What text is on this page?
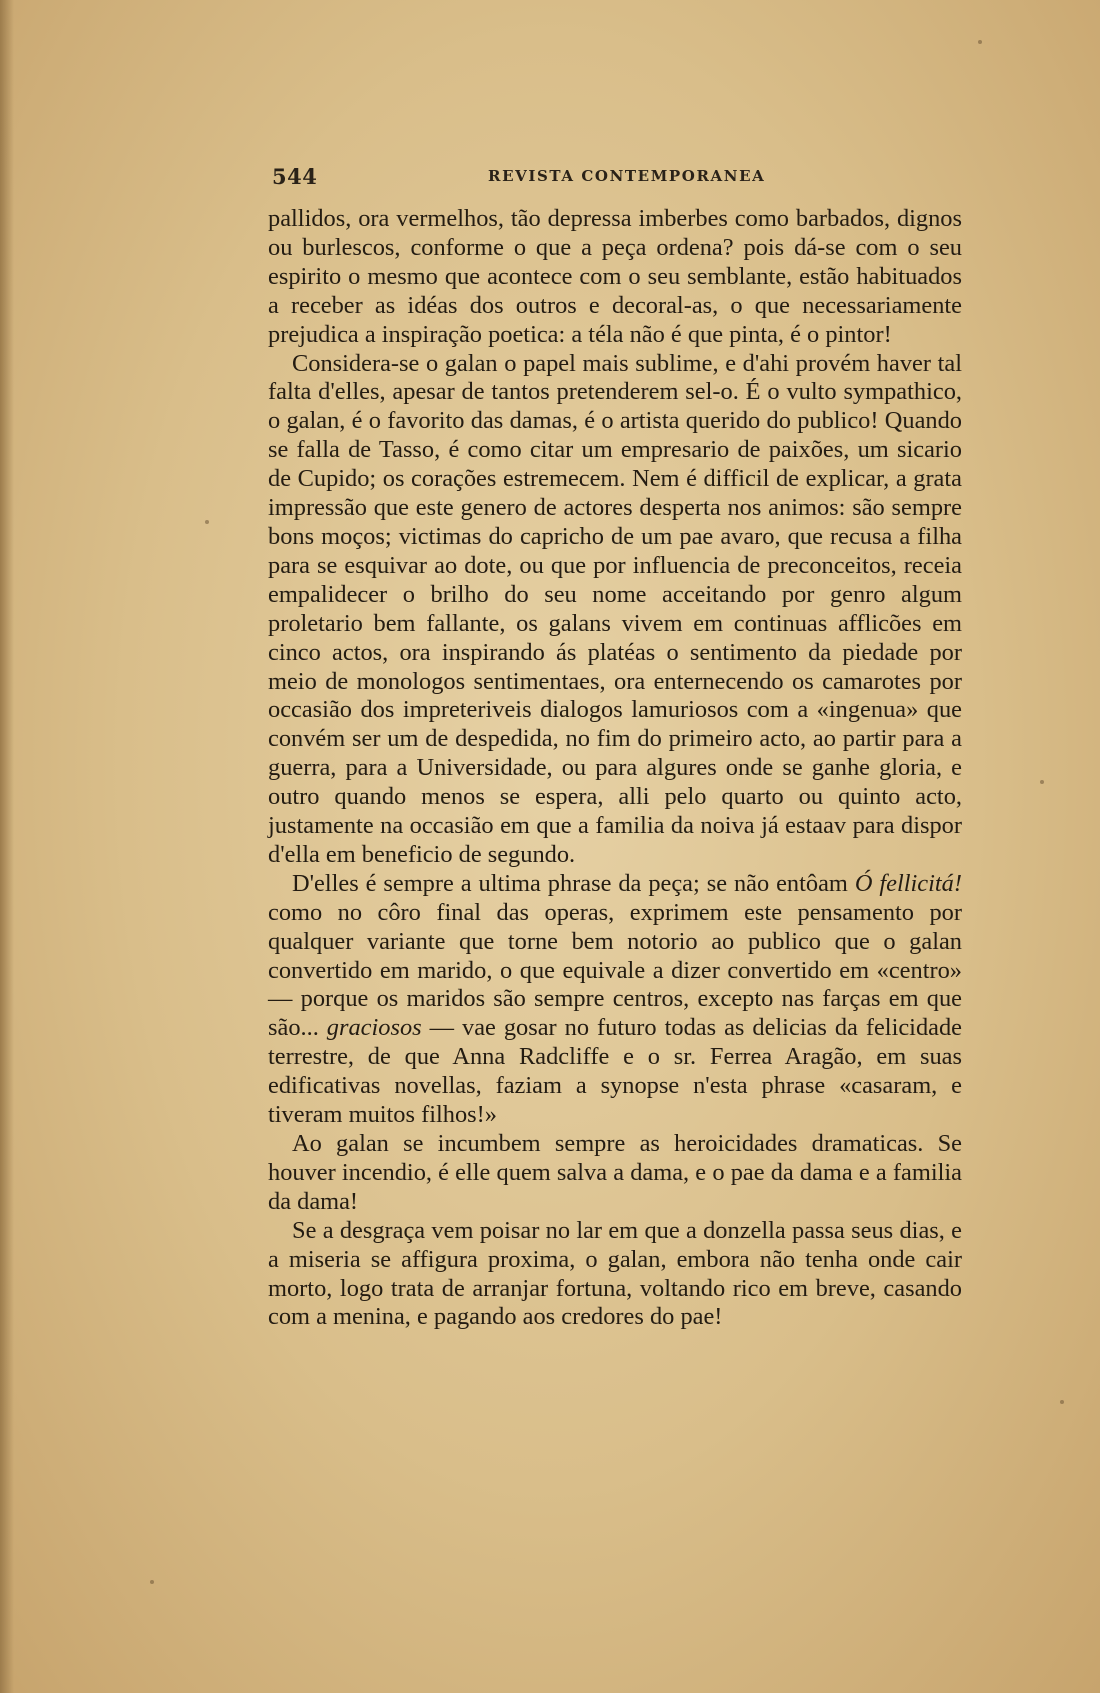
544	REVISTA CONTEMPORANEA

pallidos, ora vermelhos, tão depressa imberbes como barbados, dignos ou burlescos, conforme o que a peça ordena? pois dá-se com o seu espirito o mesmo que acontece com o seu semblante, estão habituados a receber as idéas dos outros e decoral-as, o que necessariamente prejudica a inspiração poetica: a téla não é que pinta, é o pintor!

Considera-se o galan o papel mais sublime, e d'ahi provém haver tal falta d'elles, apesar de tantos pretenderem sel-o. É o vulto sympathico, o galan, é o favorito das damas, é o artista querido do publico! Quando se falla de Tasso, é como citar um empresario de paixões, um sicario de Cupido; os corações estremecem. Nem é difficil de explicar, a grata impressão que este genero de actores desperta nos animos: são sempre bons moços; victimas do capricho de um pae avaro, que recusa a filha para se esquivar ao dote, ou que por influencia de preconceitos, receia empalidecer o brilho do seu nome acceitando por genro algum proletario bem fallante, os galans vivem em continuas afflicões em cinco actos, ora inspirando ás platéas o sentimento da piedade por meio de monologos sentimentaes, ora enternecendo os camarotes por occasião dos impreteriveis dialogos lamuriosos com a «ingenua» que convém ser um de despedida, no fim do primeiro acto, ao partir para a guerra, para a Universidade, ou para algures onde se ganhe gloria, e outro quando menos se espera, alli pelo quarto ou quinto acto, justamente na occasião em que a familia da noiva já estaav para dispor d'ella em beneficio de segundo.

D'elles é sempre a ultima phrase da peça; se não entôam Ó fellicitá! como no côro final das operas, exprimem este pensamento por qualquer variante que torne bem notorio ao publico que o galan convertido em marido, o que equivale a dizer convertido em «centro» — porque os maridos são sempre centros, excepto nas farças em que são... graciosos — vae gosar no futuro todas as delicias da felicidade terrestre, de que Anna Radcliffe e o sr. Ferrea Aragão, em suas edificativas novellas, faziam a synopse n'esta phrase «casaram, e tiveram muitos filhos!»

Ao galan se incumbem sempre as heroicidades dramaticas. Se houver incendio, é elle quem salva a dama, e o pae da dama e a familia da dama!

Se a desgraça vem poisar no lar em que a donzella passa seus dias, e a miseria se affigura proxima, o galan, embora não tenha onde cair morto, logo trata de arranjar fortuna, voltando rico em breve, casando com a menina, e pagando aos credores do pae!
